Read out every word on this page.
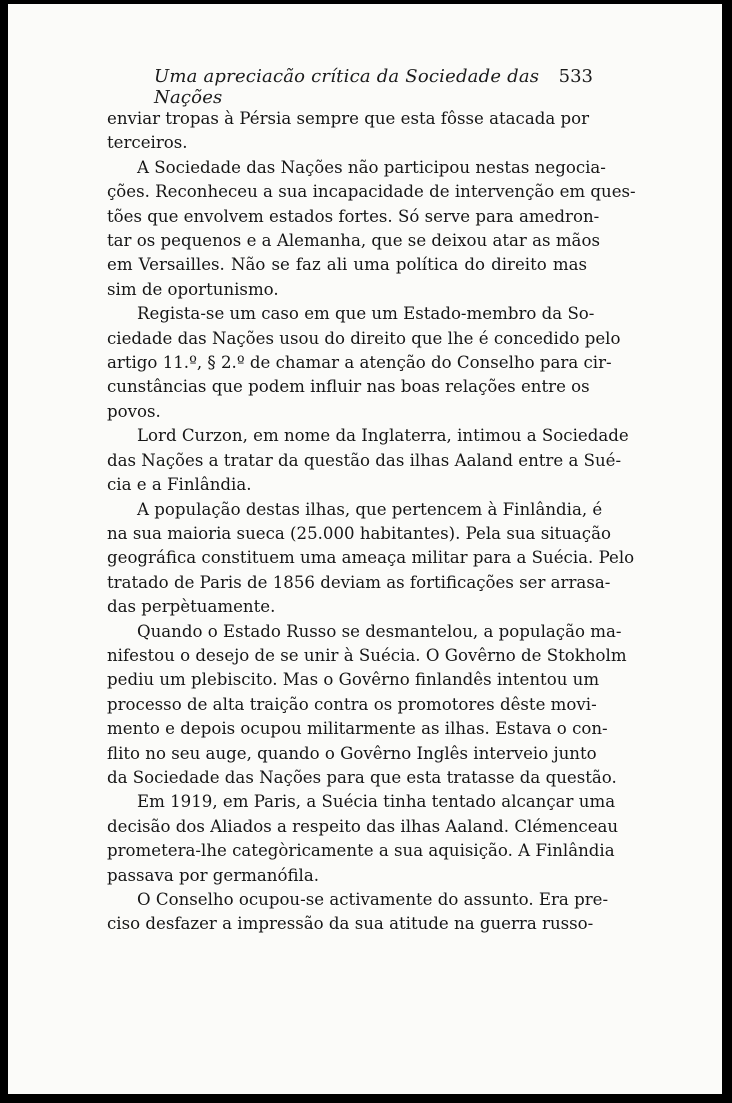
Uma apreciacão crítica da Sociedade das Nações
533

enviar tropas à Pérsia sempre que esta fôsse atacada por
terceiros.

A Sociedade das Nações não participou nestas negocia-
ções. Reconheceu a sua incapacidade de intervenção em ques-
tões que envolvem estados fortes. Só serve para amedron-
tar os pequenos e a Alemanha, que se deixou atar as mãos
em Versailles. Não se faz ali uma política do direito mas
sim de oportunismo.

Regista-se um caso em que um Estado-membro da So-
ciedade das Nações usou do direito que lhe é concedido pelo
artigo 11.º, § 2.º de chamar a atenção do Conselho para cir-
cunstâncias que podem influir nas boas relações entre os
povos.

Lord Curzon, em nome da Inglaterra, intimou a Sociedade
das Nações a tratar da questão das ilhas Aaland entre a Sué-
cia e a Finlândia.

A população destas ilhas, que pertencem à Finlândia, é
na sua maioria sueca (25.000 habitantes). Pela sua situação
geográfica constituem uma ameaça militar para a Suécia. Pelo
tratado de Paris de 1856 deviam as fortificações ser arrasa-
das perpètuamente.

Quando o Estado Russo se desmantelou, a população ma-
nifestou o desejo de se unir à Suécia. O Govêrno de Stokholm
pediu um plebiscito. Mas o Govêrno finlandês intentou um
processo de alta traição contra os promotores dêste movi-
mento e depois ocupou militarmente as ilhas. Estava o con-
flito no seu auge, quando o Govêrno Inglês interveio junto
da Sociedade das Nações para que esta tratasse da questão.

Em 1919, em Paris, a Suécia tinha tentado alcançar uma
decisão dos Aliados a respeito das ilhas Aaland. Clémenceau
prometera-lhe categòricamente a sua aquisição. A Finlândia
passava por germanófila.

O Conselho ocupou-se activamente do assunto. Era pre-
ciso desfazer a impressão da sua atitude na guerra russo-
